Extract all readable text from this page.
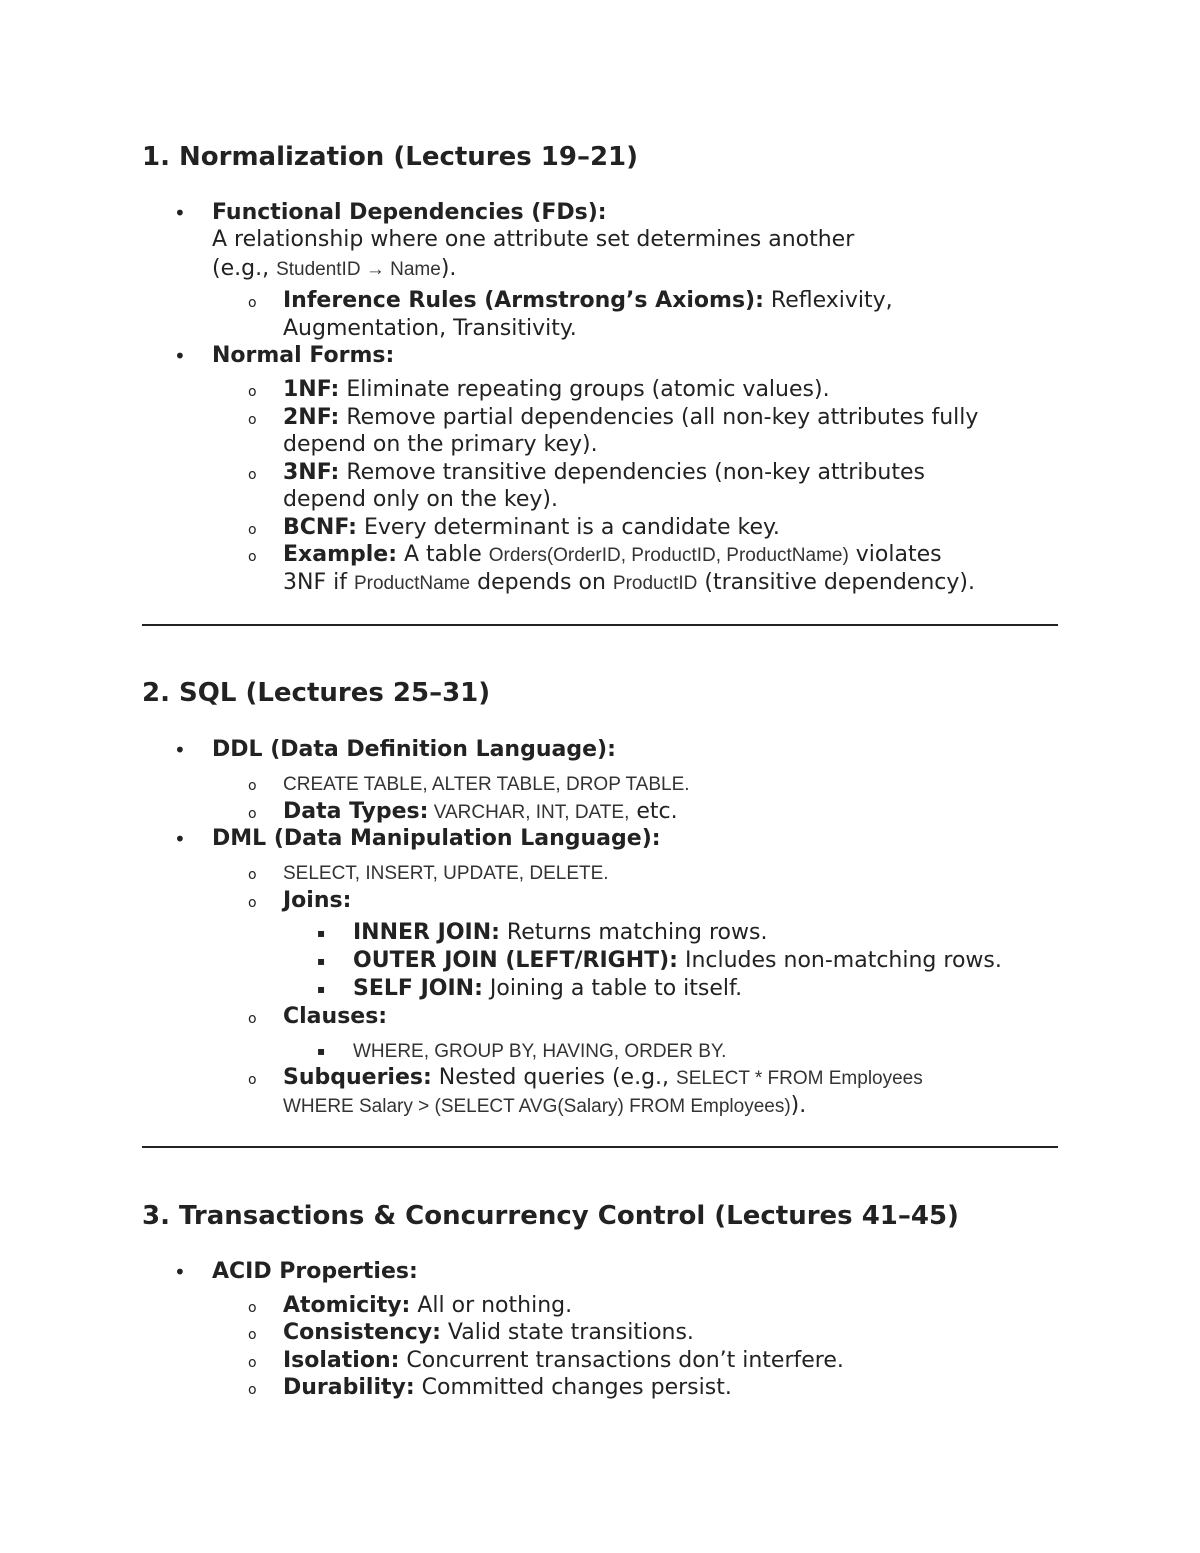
1. Normalization (Lectures 19–21)
• Functional Dependencies (FDs):
A relationship where one attribute set determines another
(e.g., StudentID → Name).
o Inference Rules (Armstrong’s Axioms): Reflexivity,
Augmentation, Transitivity.
• Normal Forms:
o 1NF: Eliminate repeating groups (atomic values).
o 2NF: Remove partial dependencies (all non-key attributes fully
depend on the primary key).
o 3NF: Remove transitive dependencies (non-key attributes
depend only on the key).
o BCNF: Every determinant is a candidate key.
o Example: A table Orders(OrderID, ProductID, ProductName) violates
3NF if ProductName depends on ProductID (transitive dependency).
2. SQL (Lectures 25–31)
• DDL (Data Definition Language):
o CREATE TABLE, ALTER TABLE, DROP TABLE.
o Data Types: VARCHAR, INT, DATE, etc.
• DML (Data Manipulation Language):
o SELECT, INSERT, UPDATE, DELETE.
o Joins:
▪ INNER JOIN: Returns matching rows.
▪ OUTER JOIN (LEFT/RIGHT): Includes non-matching rows.
▪ SELF JOIN: Joining a table to itself.
o Clauses:
▪ WHERE, GROUP BY, HAVING, ORDER BY.
o Subqueries: Nested queries (e.g., SELECT * FROM Employees
WHERE Salary > (SELECT AVG(Salary) FROM Employees)).
3. Transactions & Concurrency Control (Lectures 41–45)
• ACID Properties:
o Atomicity: All or nothing.
o Consistency: Valid state transitions.
o Isolation: Concurrent transactions don’t interfere.
o Durability: Committed changes persist.
